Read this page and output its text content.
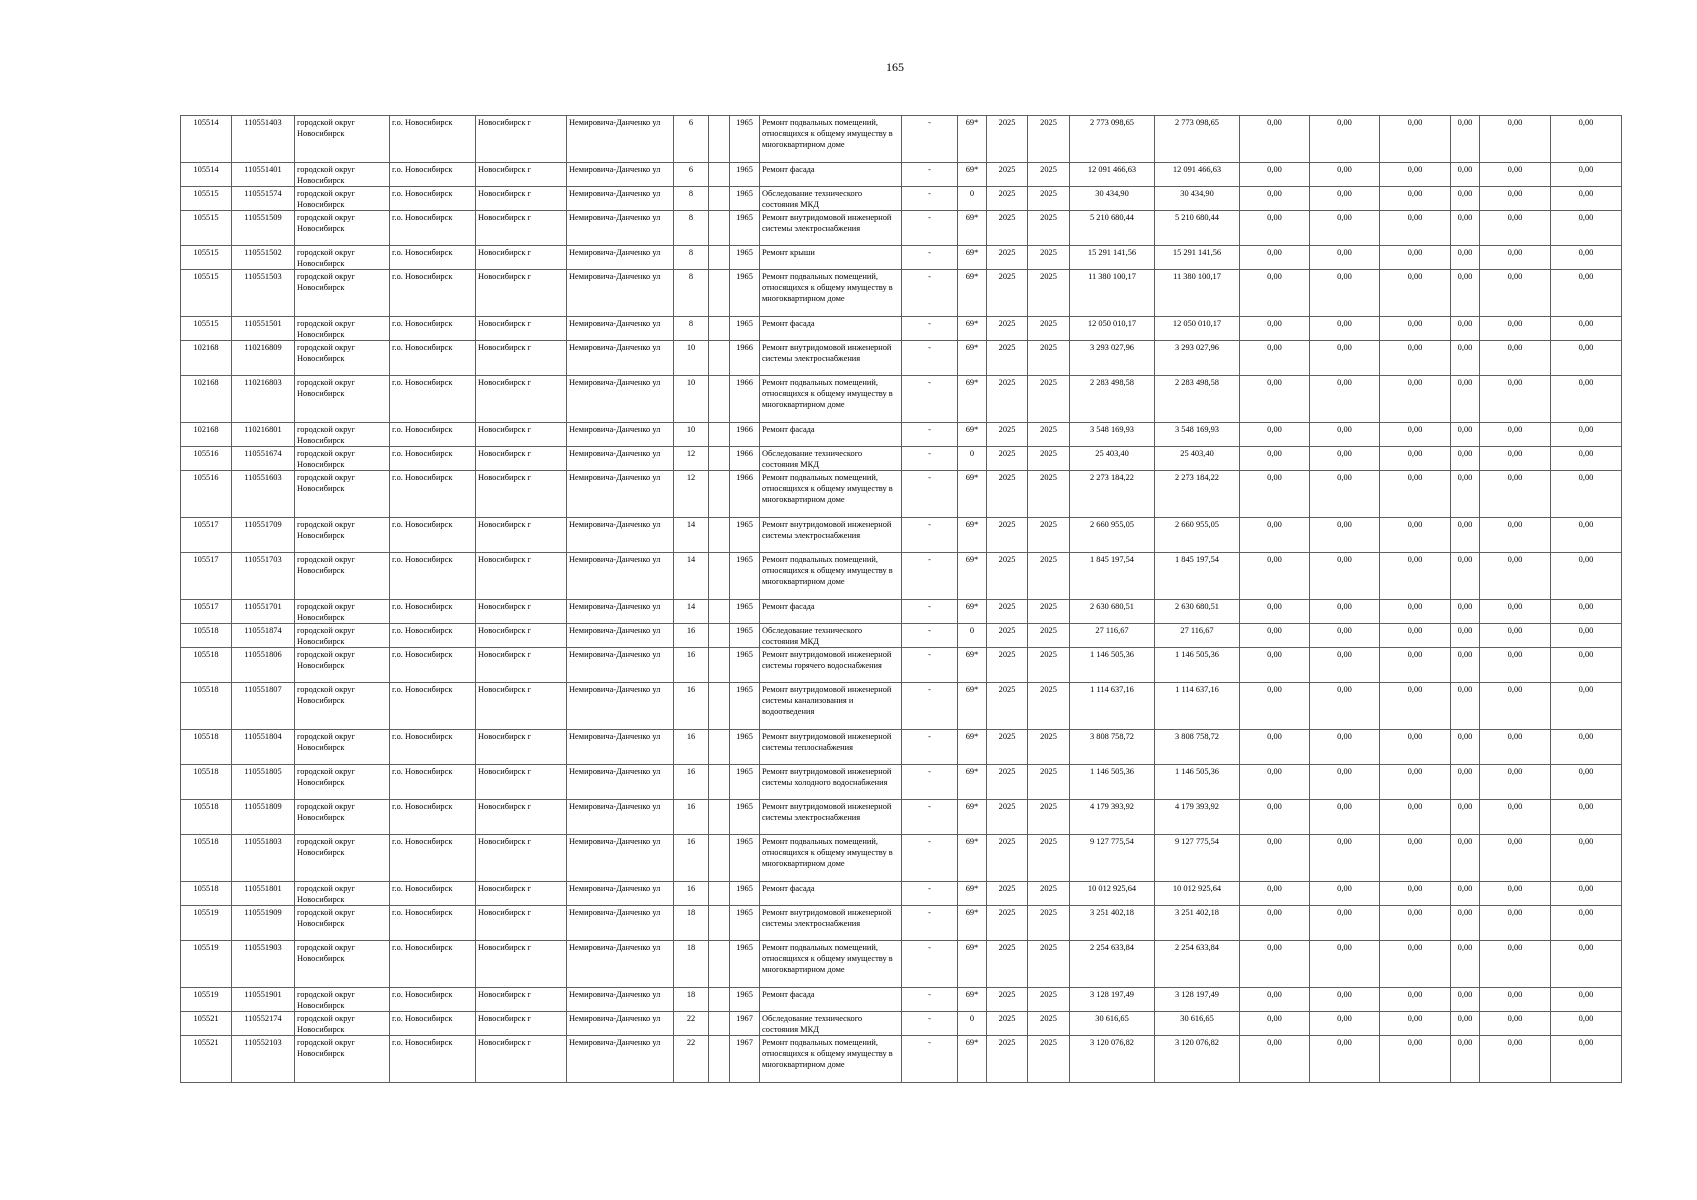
165
105514	110551403	городской округ Новосибирск	г.о. Новосибирск	Новосибирск г	Немировича-Данченко ул	6		1965	Ремонт подвальных помещений, относящихся к общему имуществу в многоквартирном доме	-	69*	2025	2025	2 773 098,65	2 773 098,65	0,00	0,00	0,00	0,00	0,00	0,00
105514	110551401	городской округ Новосибирск	г.о. Новосибирск	Новосибирск г	Немировича-Данченко ул	6		1965	Ремонт фасада	-	69*	2025	2025	12 091 466,63	12 091 466,63	0,00	0,00	0,00	0,00	0,00	0,00
105515	110551574	городской округ Новосибирск	г.о. Новосибирск	Новосибирск г	Немировича-Данченко ул	8		1965	Обследование технического состояния МКД	-	0	2025	2025	30 434,90	30 434,90	0,00	0,00	0,00	0,00	0,00	0,00
105515	110551509	городской округ Новосибирск	г.о. Новосибирск	Новосибирск г	Немировича-Данченко ул	8		1965	Ремонт внутридомовой инженерной системы электроснабжения	-	69*	2025	2025	5 210 680,44	5 210 680,44	0,00	0,00	0,00	0,00	0,00	0,00
105515	110551502	городской округ Новосибирск	г.о. Новосибирск	Новосибирск г	Немировича-Данченко ул	8		1965	Ремонт крыши	-	69*	2025	2025	15 291 141,56	15 291 141,56	0,00	0,00	0,00	0,00	0,00	0,00
105515	110551503	городской округ Новосибирск	г.о. Новосибирск	Новосибирск г	Немировича-Данченко ул	8		1965	Ремонт подвальных помещений, относящихся к общему имуществу в многоквартирном доме	-	69*	2025	2025	11 380 100,17	11 380 100,17	0,00	0,00	0,00	0,00	0,00	0,00
105515	110551501	городской округ Новосибирск	г.о. Новосибирск	Новосибирск г	Немировича-Данченко ул	8		1965	Ремонт фасада	-	69*	2025	2025	12 050 010,17	12 050 010,17	0,00	0,00	0,00	0,00	0,00	0,00
102168	110216809	городской округ Новосибирск	г.о. Новосибирск	Новосибирск г	Немировича-Данченко ул	10		1966	Ремонт внутридомовой инженерной системы электроснабжения	-	69*	2025	2025	3 293 027,96	3 293 027,96	0,00	0,00	0,00	0,00	0,00	0,00
102168	110216803	городской округ Новосибирск	г.о. Новосибирск	Новосибирск г	Немировича-Данченко ул	10		1966	Ремонт подвальных помещений, относящихся к общему имуществу в многоквартирном доме	-	69*	2025	2025	2 283 498,58	2 283 498,58	0,00	0,00	0,00	0,00	0,00	0,00
102168	110216801	городской округ Новосибирск	г.о. Новосибирск	Новосибирск г	Немировича-Данченко ул	10		1966	Ремонт фасада	-	69*	2025	2025	3 548 169,93	3 548 169,93	0,00	0,00	0,00	0,00	0,00	0,00
105516	110551674	городской округ Новосибирск	г.о. Новосибирск	Новосибирск г	Немировича-Данченко ул	12		1966	Обследование технического состояния МКД	-	0	2025	2025	25 403,40	25 403,40	0,00	0,00	0,00	0,00	0,00	0,00
105516	110551603	городской округ Новосибирск	г.о. Новосибирск	Новосибирск г	Немировича-Данченко ул	12		1966	Ремонт подвальных помещений, относящихся к общему имуществу в многоквартирном доме	-	69*	2025	2025	2 273 184,22	2 273 184,22	0,00	0,00	0,00	0,00	0,00	0,00
105517	110551709	городской округ Новосибирск	г.о. Новосибирск	Новосибирск г	Немировича-Данченко ул	14		1965	Ремонт внутридомовой инженерной системы электроснабжения	-	69*	2025	2025	2 660 955,05	2 660 955,05	0,00	0,00	0,00	0,00	0,00	0,00
105517	110551703	городской округ Новосибирск	г.о. Новосибирск	Новосибирск г	Немировича-Данченко ул	14		1965	Ремонт подвальных помещений, относящихся к общему имуществу в многоквартирном доме	-	69*	2025	2025	1 845 197,54	1 845 197,54	0,00	0,00	0,00	0,00	0,00	0,00
105517	110551701	городской округ Новосибирск	г.о. Новосибирск	Новосибирск г	Немировича-Данченко ул	14		1965	Ремонт фасада	-	69*	2025	2025	2 630 680,51	2 630 680,51	0,00	0,00	0,00	0,00	0,00	0,00
105518	110551874	городской округ Новосибирск	г.о. Новосибирск	Новосибирск г	Немировича-Данченко ул	16		1965	Обследование технического состояния МКД	-	0	2025	2025	27 116,67	27 116,67	0,00	0,00	0,00	0,00	0,00	0,00
105518	110551806	городской округ Новосибирск	г.о. Новосибирск	Новосибирск г	Немировича-Данченко ул	16		1965	Ремонт внутридомовой инженерной системы горячего водоснабжения	-	69*	2025	2025	1 146 505,36	1 146 505,36	0,00	0,00	0,00	0,00	0,00	0,00
105518	110551807	городской округ Новосибирск	г.о. Новосибирск	Новосибирск г	Немировича-Данченко ул	16		1965	Ремонт внутридомовой инженерной системы канализования и водоотведения	-	69*	2025	2025	1 114 637,16	1 114 637,16	0,00	0,00	0,00	0,00	0,00	0,00
105518	110551804	городской округ Новосибирск	г.о. Новосибирск	Новосибирск г	Немировича-Данченко ул	16		1965	Ремонт внутридомовой инженерной системы теплоснабжения	-	69*	2025	2025	3 808 758,72	3 808 758,72	0,00	0,00	0,00	0,00	0,00	0,00
105518	110551805	городской округ Новосибирск	г.о. Новосибирск	Новосибирск г	Немировича-Данченко ул	16		1965	Ремонт внутридомовой инженерной системы холодного водоснабжения	-	69*	2025	2025	1 146 505,36	1 146 505,36	0,00	0,00	0,00	0,00	0,00	0,00
105518	110551809	городской округ Новосибирск	г.о. Новосибирск	Новосибирск г	Немировича-Данченко ул	16		1965	Ремонт внутридомовой инженерной системы электроснабжения	-	69*	2025	2025	4 179 393,92	4 179 393,92	0,00	0,00	0,00	0,00	0,00	0,00
105518	110551803	городской округ Новосибирск	г.о. Новосибирск	Новосибирск г	Немировича-Данченко ул	16		1965	Ремонт подвальных помещений, относящихся к общему имуществу в многоквартирном доме	-	69*	2025	2025	9 127 775,54	9 127 775,54	0,00	0,00	0,00	0,00	0,00	0,00
105518	110551801	городской округ Новосибирск	г.о. Новосибирск	Новосибирск г	Немировича-Данченко ул	16		1965	Ремонт фасада	-	69*	2025	2025	10 012 925,64	10 012 925,64	0,00	0,00	0,00	0,00	0,00	0,00
105519	110551909	городской округ Новосибирск	г.о. Новосибирск	Новосибирск г	Немировича-Данченко ул	18		1965	Ремонт внутридомовой инженерной системы электроснабжения	-	69*	2025	2025	3 251 402,18	3 251 402,18	0,00	0,00	0,00	0,00	0,00	0,00
105519	110551903	городской округ Новосибирск	г.о. Новосибирск	Новосибирск г	Немировича-Данченко ул	18		1965	Ремонт подвальных помещений, относящихся к общему имуществу в многоквартирном доме	-	69*	2025	2025	2 254 633,84	2 254 633,84	0,00	0,00	0,00	0,00	0,00	0,00
105519	110551901	городской округ Новосибирск	г.о. Новосибирск	Новосибирск г	Немировича-Данченко ул	18		1965	Ремонт фасада	-	69*	2025	2025	3 128 197,49	3 128 197,49	0,00	0,00	0,00	0,00	0,00	0,00
105521	110552174	городской округ Новосибирск	г.о. Новосибирск	Новосибирск г	Немировича-Данченко ул	22		1967	Обследование технического состояния МКД	-	0	2025	2025	30 616,65	30 616,65	0,00	0,00	0,00	0,00	0,00	0,00
105521	110552103	городской округ Новосибирск	г.о. Новосибирск	Новосибирск г	Немировича-Данченко ул	22		1967	Ремонт подвальных помещений, относящихся к общему имуществу в многоквартирном доме	-	69*	2025	2025	3 120 076,82	3 120 076,82	0,00	0,00	0,00	0,00	0,00	0,00
